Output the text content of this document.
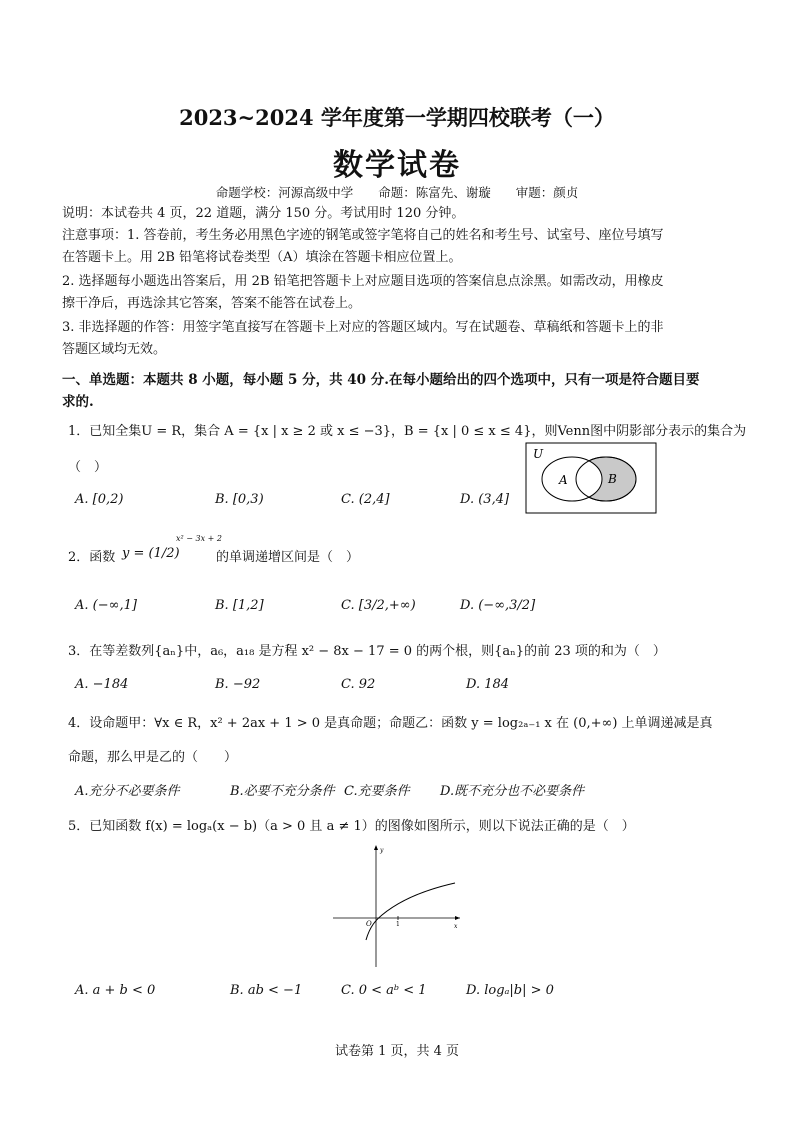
2023~2024 学年度第一学期四校联考（一）
数学试卷
命题学校：河源高级中学　　命题：陈富先、谢璇　　审题：颜贞
说明：本试卷共 4 页，22 道题，满分 150 分。考试用时 120 分钟。
注意事项：1. 答卷前，考生务必用黑色字迹的钢笔或签字笔将自己的姓名和考生号、试室号、座位号填写
在答题卡上。用 2B 铅笔将试卷类型（A）填涂在答题卡相应位置上。
2. 选择题每小题选出答案后，用 2B 铅笔把答题卡上对应题目选项的答案信息点涂黑。如需改动，用橡皮
擦干净后，再选涂其它答案，答案不能答在试卷上。
3. 非选择题的作答：用签字笔直接写在答题卡上对应的答题区域内。写在试题卷、草稿纸和答题卡上的非
答题区域均无效。
一、单选题：本题共 8 小题，每小题 5 分，共 40 分.在每小题给出的四个选项中，只有一项是符合题目要
求的.
1．已知全集U = R，集合 A = {x | x ≥ 2 或 x ≤ −3}，B = {x | 0 ≤ x ≤ 4}，则Venn图中阴影部分表示的集合为
（　）
A. [0,2)	B. [0,3)	C. (2,4]	D. (3,4]
U
A	B
2．函数 y = (1/2)
x² − 3x + 2
的单调递增区间是（　）
A. (−∞,1]	B. [1,2]	C. [3/2,+∞)	D. (−∞,3/2]
3．在等差数列{aₙ}中，a₆，a₁₈ 是方程 x² − 8x − 17 = 0 的两个根，则{aₙ}的前 23 项的和为（　）
A. −184	B. −92	C. 92	D. 184
4．设命题甲：∀x ∈ R，x² + 2ax + 1 > 0 是真命题；命题乙：函数 y = log₂ₐ₋₁ x 在 (0,+∞) 上单调递减是真
命题，那么甲是乙的（　　）
A.充分不必要条件	B.必要不充分条件 C.充要条件 D.既不充分也不必要条件
5．已知函数 f(x) = logₐ(x − b)（a > 0 且 a ≠ 1）的图像如图所示，则以下说法正确的是（　）
y
x
O	1
A. a + b < 0	B. ab < −1	C. 0 < aᵇ < 1	D. logₐ|b| > 0
试卷第 1 页，共 4 页
